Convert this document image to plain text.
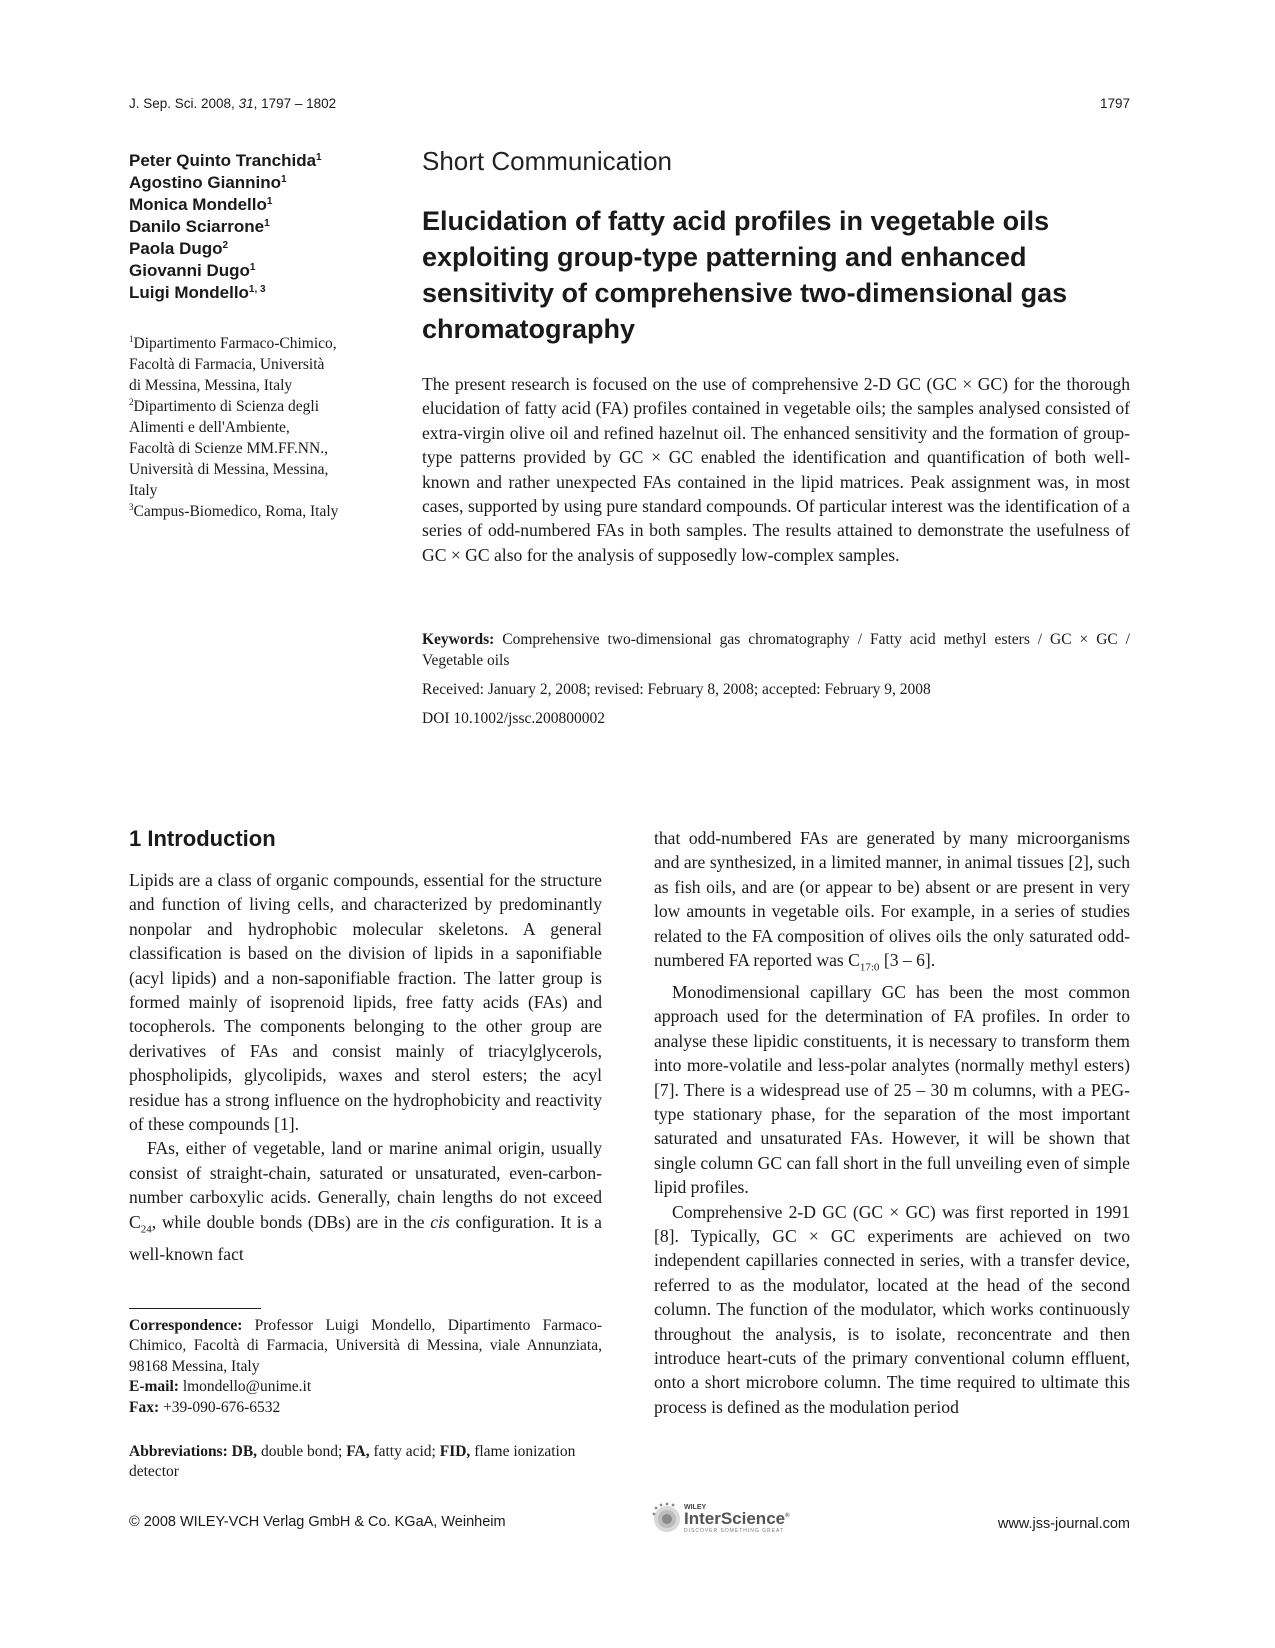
J. Sep. Sci. 2008, 31, 1797 – 1802	1797
Peter Quinto Tranchida$^1$
Agostino Giannino$^1$
Monica Mondello$^1$
Danilo Sciarrone$^1$
Paola Dugo$^2$
Giovanni Dugo$^1$
Luigi Mondello$^{1, 3}$
$^1$Dipartimento Farmaco-Chimico,
Facoltà di Farmacia, Università
di Messina, Messina, Italy
$^2$Dipartimento di Scienza degli
Alimenti e dell'Ambiente,
Facoltà di Scienze MM.FF.NN.,
Università di Messina, Messina,
Italy
$^3$Campus-Biomedico, Roma, Italy
Short Communication
Elucidation of fatty acid profiles in vegetable oils exploiting group-type patterning and enhanced sensitivity of comprehensive two-dimensional gas chromatography
The present research is focused on the use of comprehensive 2-D GC (GC × GC) for the thorough elucidation of fatty acid (FA) profiles contained in vegetable oils; the samples analysed consisted of extra-virgin olive oil and refined hazelnut oil. The enhanced sensitivity and the formation of group-type patterns provided by GC × GC enabled the identification and quantification of both well-known and rather unexpected FAs contained in the lipid matrices. Peak assignment was, in most cases, supported by using pure standard compounds. Of particular interest was the identification of a series of odd-numbered FAs in both samples. The results attained to demonstrate the usefulness of GC × GC also for the analysis of supposedly low-complex samples.
Keywords: Comprehensive two-dimensional gas chromatography / Fatty acid methyl esters / GC × GC / Vegetable oils
Received: January 2, 2008; revised: February 8, 2008; accepted: February 9, 2008
DOI 10.1002/jssc.200800002
1 Introduction

Lipids are a class of organic compounds, essential for the structure and function of living cells, and characterized by predominantly nonpolar and hydrophobic molecular skeletons. A general classification is based on the division of lipids in a saponifiable (acyl lipids) and a non-saponifiable fraction. The latter group is formed mainly of isoprenoid lipids, free fatty acids (FAs) and tocopherols. The components belonging to the other group are derivatives of FAs and consist mainly of triacylglycerols, phospholipids, glycolipids, waxes and sterol esters; the acyl residue has a strong influence on the hydrophobicity and reactivity of these compounds [1].

FAs, either of vegetable, land or marine animal origin, usually consist of straight-chain, saturated or unsaturated, even-carbon-number carboxylic acids. Generally, chain lengths do not exceed $C_{24}$, while double bonds (DBs) are in the cis configuration. It is a well-known fact

that odd-numbered FAs are generated by many microorganisms and are synthesized, in a limited manner, in animal tissues [2], such as fish oils, and are (or appear to be) absent or are present in very low amounts in vegetable oils. For example, in a series of studies related to the FA composition of olives oils the only saturated odd-numbered FA reported was $C_{17:0}$ [3 – 6].

Monodimensional capillary GC has been the most common approach used for the determination of FA profiles. In order to analyse these lipidic constituents, it is necessary to transform them into more-volatile and less-polar analytes (normally methyl esters) [7]. There is a widespread use of 25 – 30 m columns, with a PEG-type stationary phase, for the separation of the most important saturated and unsaturated FAs. However, it will be shown that single column GC can fall short in the full unveiling even of simple lipid profiles.

Comprehensive 2-D GC (GC × GC) was first reported in 1991 [8]. Typically, GC × GC experiments are achieved on two independent capillaries connected in series, with a transfer device, referred to as the modulator, located at the head of the second column. The function of the modulator, which works continuously throughout the analysis, is to isolate, reconcentrate and then introduce heart-cuts of the primary conventional column effluent, onto a short microbore column. The time required to ultimate this process is defined as the modulation period

Correspondence: Professor Luigi Mondello, Dipartimento Farmaco-Chimico, Facoltà di Farmacia, Università di Messina, viale Annunziata, 98168 Messina, Italy
E-mail: lmondello@unime.it
Fax: +39-090-676-6532
Abbreviations: DB, double bond; FA, fatty acid; FID, flame ionization detector
© 2008 WILEY-VCH Verlag GmbH & Co. KGaA, Weinheim
WILEY
InterScience®
DISCOVER SOMETHING GREAT	www.jss-journal.com
